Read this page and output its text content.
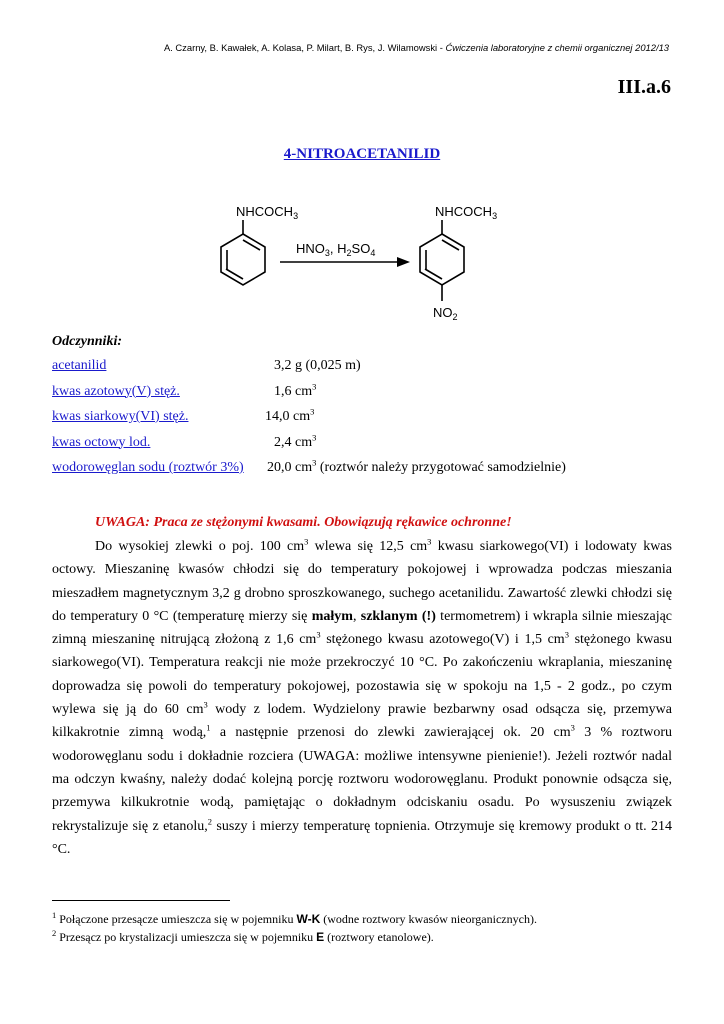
A. Czarny, B. Kawałek, A. Kolasa, P. Milart, B. Rys, J. Wilamowski - Ćwiczenia laboratoryjne z chemii organicznej 2012/13
III.a.6
4-NITROACETANILID
$NHCOCH_3$
$HNO_3$, $H_2SO_4$
$NHCOCH_3$
$NO_2$
Odczynniki:
acetanilid	3,2 g (0,025 m)
kwas azotowy(V) stęż.	1,6 $cm^3$
kwas siarkowy(VI) stęż.	14,0 $cm^3$
kwas octowy lod.	2,4 $cm^3$
wodorowęglan sodu (roztwór 3%) 20,0 $cm^3$ (roztwór należy przygotować samodzielnie)
UWAGA: Praca ze stężonymi kwasami. Obowiązują rękawice ochronne!
Do wysokiej zlewki o poj. 100 $cm^3$ wlewa się 12,5 $cm^3$ kwasu siarkowego(VI) i lodowaty kwas octowy. Mieszaninę kwasów chłodzi się do temperatury pokojowej i wprowadza podczas mieszania mieszadłem magnetycznym 3,2 g drobno sproszkowanego, suchego acetanilidu. Zawartość zlewki chłodzi się do temperatury 0 °C (temperaturę mierzy się małym, szklanym (!) termometrem) i wkrapla silnie mieszając zimną mieszaninę nitrującą złożoną z 1,6 $cm^3$ stężonego kwasu azotowego(V) i 1,5 $cm^3$ stężonego kwasu siarkowego(VI). Temperatura reakcji nie może przekroczyć 10 °C. Po zakończeniu wkraplania, mieszaninę doprowadza się powoli do temperatury pokojowej, pozostawia się w spokoju na 1,5 - 2 godz., po czym wylewa się ją do 60 $cm^3$ wody z lodem. Wydzielony prawie bezbarwny osad odsącza się, przemywa kilkakrotnie zimną wodą,$^1$ a następnie przenosi do zlewki zawierającej ok. 20 $cm^3$ 3 % roztworu wodorowęglanu sodu i dokładnie rozciera (UWAGA: możliwe intensywne pienienie!). Jeżeli roztwór nadal ma odczyn kwaśny, należy dodać kolejną porcję roztworu wodorowęglanu. Produkt ponownie odsącza się, przemywa kilkukrotnie wodą, pamiętając o dokładnym odciskaniu osadu. Po wysuszeniu związek rekrystalizuje się z etanolu,$^2$ suszy i mierzy temperaturę topnienia. Otrzymuje się kremowy produkt o tt. 214 °C.
$^1$ Połączone przesącze umieszcza się w pojemniku W-K (wodne roztwory kwasów nieorganicznych).
$^2$ Przesącz po krystalizacji umieszcza się w pojemniku E (roztwory etanolowe).
